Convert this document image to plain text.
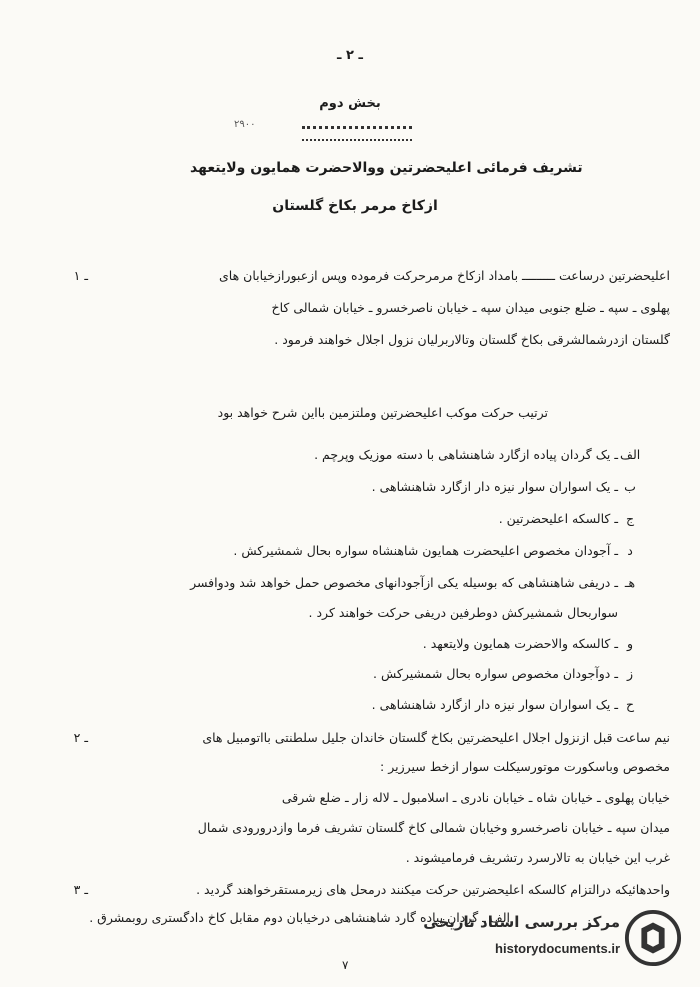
ـ ۲ ـ
۲۹۰۰
بخش دوم
تشریف فرمائی اعلیحضرتین ووالاحضرت همایون ولایتعهد
ازکاخ مرمر بکاخ گلستان
۱ ـ	اعلیحضرتین درساعت ـــــــــ بامداد ازکاخ مرمرحرکت فرموده وپس ازعبورازخیابان های
پهلوی ـ سپه ـ ضلع جنوبی میدان سپه ـ خیابان ناصرخسرو ـ خیابان شمالی کاخ
گلستان ازدرشمالشرقی بکاخ گلستان وتالاربرلیان نزول اجلال خواهند فرمود .
ترتیب حرکت موکب اعلیحضرتین وملتزمین بااین شرح خواهد بود
الف
ـ یک گردان پیاده ازگارد شاهنشاهی با دسته موزیک وپرچم .
ب
ـ یک اسواران سوار نیزه دار ازگارد شاهنشاهی .
ج
ـ کالسکه اعلیحضرتین .
د
ـ آجودان مخصوص اعلیحضرت همایون شاهنشاه سواره بحال شمشیرکش .
هـ
ـ دریفی شاهنشاهی که بوسیله یکی ازآجودانهای مخصوص حمل خواهد شد ودوافسر
سواربحال شمشیرکش دوطرفین دریفی حرکت خواهند کرد .
و
ـ کالسکه والاحضرت همایون ولایتعهد .
ز
ـ دوآجودان مخصوص سواره بحال شمشیرکش .
ح
ـ یک اسواران سوار نیزه دار ازگارد شاهنشاهی .
۲ ـ	نیم ساعت قبل ازنزول اجلال اعلیحضرتین بکاخ گلستان خاندان جلیل سلطنتی بااتومبیل های
مخصوص وباسکورت موتورسیکلت سوار ازخط سیرزیر :
خیابان پهلوی ـ خیابان شاه ـ خیابان نادری ـ اسلامبول ـ لاله زار ـ ضلع شرقی
میدان سپه ـ خیابان ناصرخسرو وخیابان شمالی کاخ گلستان تشریف فرما وازدرورودی شمال
غرب این خیابان به تالارسرد رتشریف فرمامیشوند .
۳ ـ	واحدهائیکه درالتزام کالسکه اعلیحضرتین حرکت میکنند درمحل های زیرمستقرخواهند گردید .
الف ـ گردان پیاده گارد شاهنشاهی درخیابان دوم مقابل کاخ دادگستری روبمشرق .
۷
مرکز بررسی اسناد تاریخی
historydocuments.ir
